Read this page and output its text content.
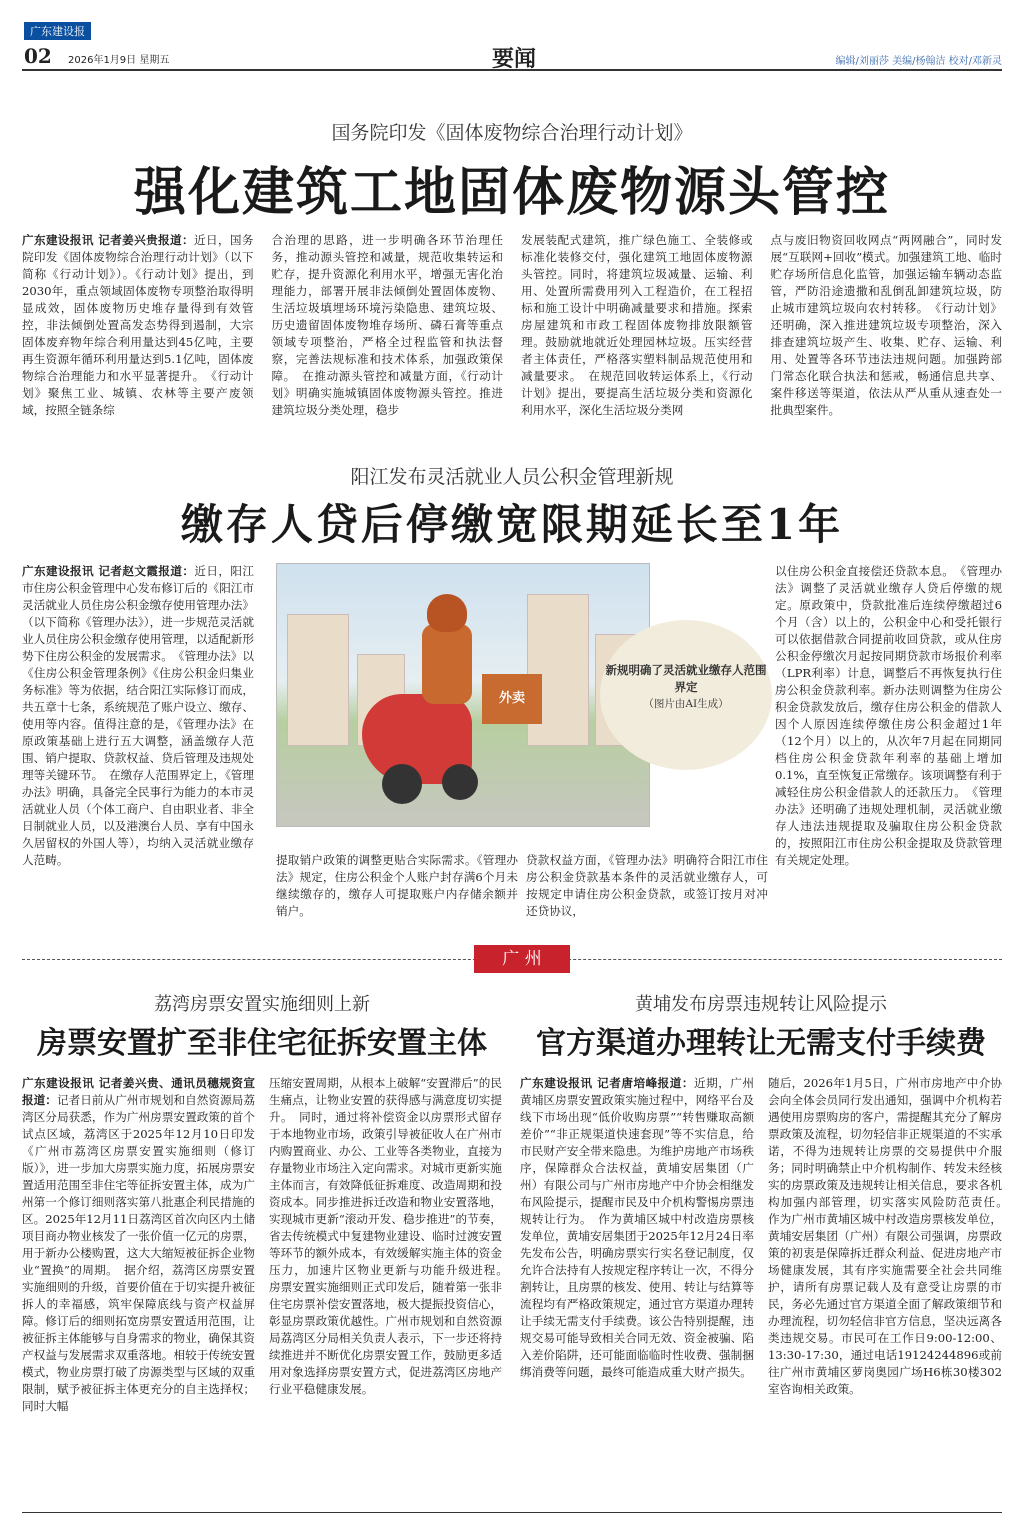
广东建设报
02 2026年1月9日 星期五	要闻	编辑/刘丽莎 美编/杨翰洁 校对/邓新灵
国务院印发《固体废物综合治理行动计划》
强化建筑工地固体废物源头管控

广东建设报讯 记者姜兴贵报道：近日，国务院印发《固体废物综合治理行动计划》（以下简称《行动计划》）。《行动计划》提出，到2030年，重点领域固体废物专项整治取得明显成效，固体废物历史堆存量得到有效管控，非法倾倒处置高发态势得到遏制，大宗固体废弃物年综合利用量达到45亿吨，主要再生资源年循环利用量达到5.1亿吨，固体废物综合治理能力和水平显著提升。　《行动计划》聚焦工业、城镇、农林等主要产废领域，按照全链条综

合治理的思路，进一步明确各环节治理任务，推动源头管控和减量，规范收集转运和贮存，提升资源化利用水平，增强无害化治理能力，部署开展非法倾倒处置固体废物、生活垃圾填埋场环境污染隐患、建筑垃圾、历史遗留固体废物堆存场所、磷石膏等重点领域专项整治，严格全过程监管和执法督察，完善法规标准和技术体系，加强政策保障。　在推动源头管控和减量方面，《行动计划》明确实施城镇固体废物源头管控。推进建筑垃圾分类处理，稳步

发展装配式建筑，推广绿色施工、全装修或标准化装修交付，强化建筑工地固体废物源头管控。同时，将建筑垃圾减量、运输、利用、处置所需费用列入工程造价，在工程招标和施工设计中明确减量要求和措施。探索房屋建筑和市政工程固体废物排放限额管理。鼓励就地就近处理园林垃圾。压实经营者主体责任，严格落实塑料制品规范使用和减量要求。　在规范回收转运体系上，《行动计划》提出，要提高生活垃圾分类和资源化利用水平，深化生活垃圾分类网

点与废旧物资回收网点“两网融合”，同时发展“互联网+回收”模式。加强建筑工地、临时贮存场所信息化监管，加强运输车辆动态监管，严防沿途遗撒和乱倒乱卸建筑垃圾，防止城市建筑垃圾向农村转移。　《行动计划》还明确，深入推进建筑垃圾专项整治，深入排查建筑垃圾产生、收集、贮存、运输、利用、处置等各环节违法违规问题。加强跨部门常态化联合执法和惩戒，畅通信息共享、案件移送等渠道，依法从严从重从速查处一批典型案件。

阳江发布灵活就业人员公积金管理新规
缴存人贷后停缴宽限期延长至1年

广东建设报讯 记者赵文霞报道：近日，阳江市住房公积金管理中心发布修订后的《阳江市灵活就业人员住房公积金缴存使用管理办法》（以下简称《管理办法》），进一步规范灵活就业人员住房公积金缴存使用管理，以适配新形势下住房公积金的发展需求。　《管理办法》以《住房公积金管理条例》《住房公积金归集业务标准》等为依据，结合阳江实际修订而成，共五章十七条，系统规范了账户设立、缴存、使用等内容。值得注意的是，《管理办法》在原政策基础上进行五大调整，涵盖缴存人范围、销户提取、贷款权益、贷后管理及违规处理等关键环节。　在缴存人范围界定上，《管理办法》明确，具备完全民事行为能力的本市灵活就业人员（个体工商户、自由职业者、非全日制就业人员，以及港澳台人员、享有中国永久居留权的外国人等），均纳入灵活就业缴存人范畴。

外卖
新规明确了灵活就业缴存人范围界定
（图片由AI生成）

提取销户政策的调整更贴合实际需求。《管理办法》规定，住房公积金个人账户封存满6个月未继续缴存的，缴存人可提取账户内存储余额并销户。

贷款权益方面，《管理办法》明确符合阳江市住房公积金贷款基本条件的灵活就业缴存人，可按规定申请住房公积金贷款，或签订按月对冲还贷协议，

以住房公积金直接偿还贷款本息。　《管理办法》调整了灵活就业缴存人贷后停缴的规定。原政策中，贷款批准后连续停缴超过6个月（含）以上的，公积金中心和受托银行可以依据借款合同提前收回贷款，或从住房公积金停缴次月起按同期贷款市场报价利率（LPR利率）计息，调整后不再恢复执行住房公积金贷款利率。新办法则调整为住房公积金贷款发放后，缴存住房公积金的借款人因个人原因连续停缴住房公积金超过1年（12个月）以上的，从次年7月起在同期同档住房公积金贷款年利率的基础上增加0.1%，直至恢复正常缴存。该项调整有利于减轻住房公积金借款人的还款压力。　《管理办法》还明确了违规处理机制，灵活就业缴存人违法违规提取及骗取住房公积金贷款的，按照阳江市住房公积金提取及贷款管理有关规定处理。

广 州
荔湾房票安置实施细则上新
房票安置扩至非住宅征拆安置主体

广东建设报讯 记者姜兴贵、通讯员穗规资宣报道：记者日前从广州市规划和自然资源局荔湾区分局获悉，作为广州房票安置政策的首个试点区域，荔湾区于2025年12月10日印发《广州市荔湾区房票安置实施细则（修订版）》，进一步加大房票实施力度，拓展房票安置适用范围至非住宅等征拆安置主体，成为广州第一个修订细则落实第八批惠企利民措施的区。2025年12月11日荔湾区首次向区内土储项目商办物业核发了一张价值一亿元的房票，用于新办公楼购置，这大大缩短被征拆企业物业“置换”的周期。　据介绍，荔湾区房票安置实施细则的升级，首要价值在于切实提升被征拆人的幸福感，筑牢保障底线与资产权益屏障。修订后的细则拓宽房票安置适用范围，让被征拆主体能够与自身需求的物业，确保其资产权益与发展需求双重落地。相较于传统安置模式，物业房票打破了房源类型与区域的双重限制，赋予被征拆主体更充分的自主选择权；同时大幅

压缩安置周期，从根本上破解“安置滞后”的民生痛点，让物业安置的获得感与满意度切实提升。　同时，通过将补偿资金以房票形式留存于本地物业市场，政策引导被征收人在广州市内购置商业、办公、工业等各类物业，直接为存量物业市场注入定向需求。对城市更新实施主体而言，有效降低征拆难度、改造周期和投资成本。同步推进拆迁改造和物业安置落地，实现城市更新“滚动开发、稳步推进”的节奏，省去传统模式中复建物业建设、临时过渡安置等环节的额外成本，有效缓解实施主体的资金压力，加速片区物业更新与功能升级进程。　房票安置实施细则正式印发后，随着第一张非住宅房票补偿安置落地，极大提振投资信心，彰显房票政策优越性。广州市规划和自然资源局荔湾区分局相关负责人表示，下一步还将持续推进并不断优化房票安置工作，鼓励更多适用对象选择房票安置方式，促进荔湾区房地产行业平稳健康发展。

黄埔发布房票违规转让风险提示
官方渠道办理转让无需支付手续费

广东建设报讯 记者唐培峰报道：近期，广州黄埔区房票安置政策实施过程中，网络平台及线下市场出现“低价收购房票”“转售赚取高额差价”“非正规渠道快速套现”等不实信息，给市民财产安全带来隐患。为维护房地产市场秩序，保障群众合法权益，黄埔安居集团（广州）有限公司与广州市房地产中介协会相继发布风险提示，提醒市民及中介机构警惕房票违规转让行为。　作为黄埔区城中村改造房票核发单位，黄埔安居集团于2025年12月24日率先发布公告，明确房票实行实名登记制度，仅允许合法持有人按规定程序转让一次，不得分割转让，且房票的核发、使用、转让与结算等流程均有严格政策规定，通过官方渠道办理转让手续无需支付手续费。该公告特别提醒，违规交易可能导致相关合同无效、资金被骗、陷入差价陷阱，还可能面临临时性收费、强制捆绑消费等问题，最终可能造成重大财产损失。

随后，2026年1月5日，广州市房地产中介协会向全体会员同行发出通知，强调中介机构若遇使用房票购房的客户，需提醒其充分了解房票政策及流程，切勿轻信非正规渠道的不实承诺，不得为违规转让房票的交易提供中介服务；同时明确禁止中介机构制作、转发未经核实的房票政策及违规转让相关信息，要求各机构加强内部管理，切实落实风险防范责任。　作为广州市黄埔区城中村改造房票核发单位，黄埔安居集团（广州）有限公司强调，房票政策的初衷是保障拆迁群众利益、促进房地产市场健康发展，其有序实施需要全社会共同维护，请所有房票记载人及有意受让房票的市民，务必先通过官方渠道全面了解政策细节和办理流程，切勿轻信非官方信息，坚决远离各类违规交易。市民可在工作日9:00-12:00、13:30-17:30，通过电话19124244896或前往广州市黄埔区萝岗奥园广场H6栋30楼302室咨询相关政策。
